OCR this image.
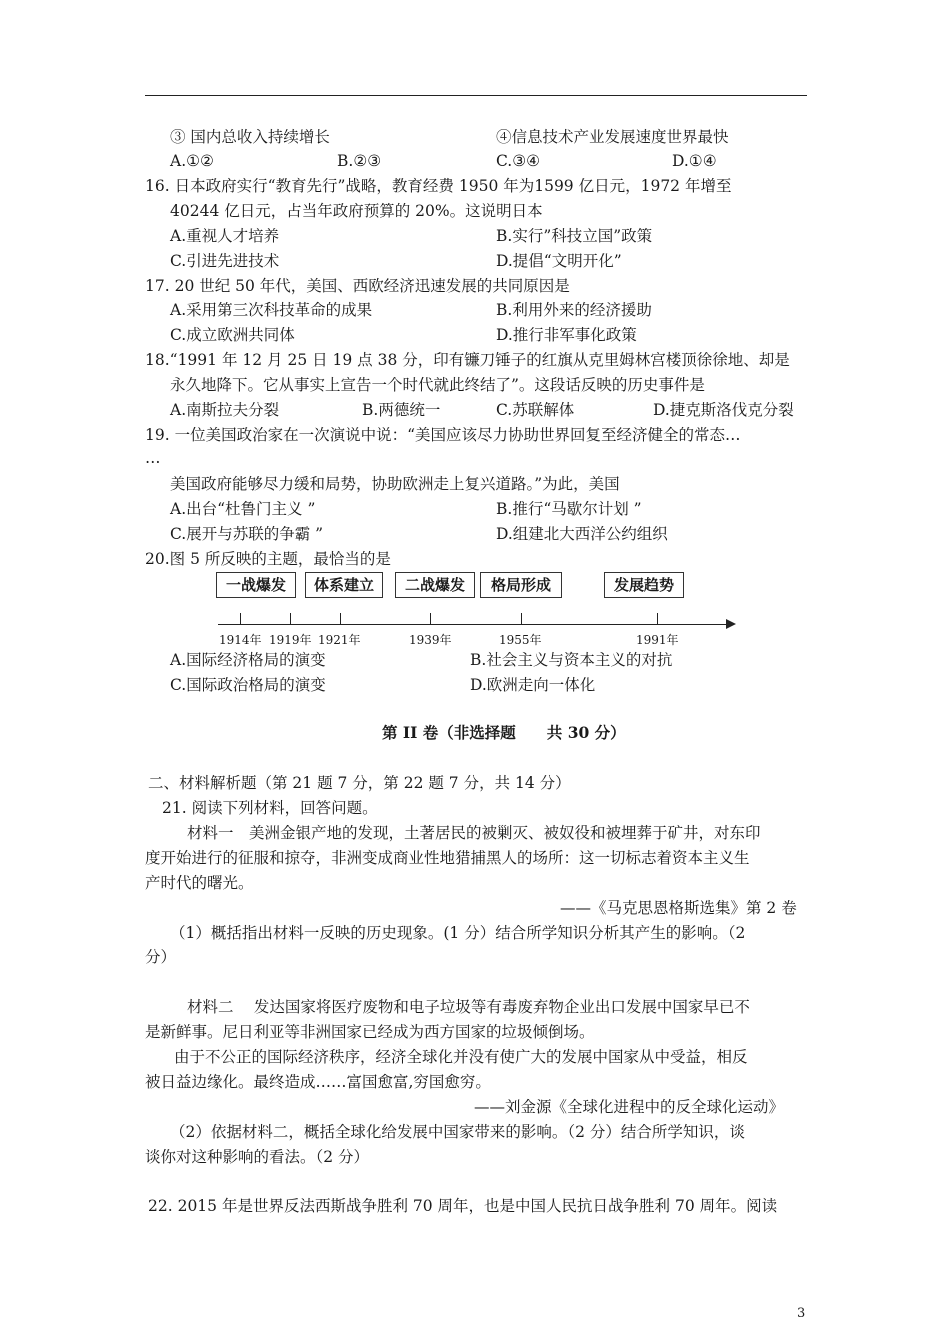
③ 国内总收入持续增长	④信息技术产业发展速度世界最快
A.①②	B.②③	C.③④	D.①④
16. 日本政府实行“教育先行”战略，教育经费 1950 年为1599 亿日元，1972 年增至
40244 亿日元，占当年政府预算的 20%。这说明日本
A.重视人才培养	B.实行”科技立国”政策
C.引进先进技术	D.提倡“文明开化”
17. 20 世纪 50 年代，美国、西欧经济迅速发展的共同原因是
A.采用第三次科技革命的成果	B.利用外来的经济援助
C.成立欧洲共同体	D.推行非军事化政策
18.“1991 年 12 月 25 日 19 点 38 分，印有镰刀锤子的红旗从克里姆林宫楼顶徐徐地、却是
永久地降下。它从事实上宣告一个时代就此终结了”。这段话反映的历史事件是
A.南斯拉夫分裂	B.两德统一	C.苏联解体	D.捷克斯洛伐克分裂
19. 一位美国政治家在一次演说中说：“美国应该尽力协助世界回复至经济健全的常态…
…
美国政府能够尽力缓和局势，协助欧洲走上复兴道路。”为此，美国
A.出台“杜鲁门主义 ”	B.推行“马歇尔计划 ”
C.展开与苏联的争霸 ”	D.组建北大西洋公约组织
20.图 5 所反映的主题，最恰当的是
一战爆发	体系建立	二战爆发	格局形成	发展趋势
1914年 1919年 1921年	1939年	1955年	1991年
A.国际经济格局的演变	B.社会主义与资本主义的对抗
C.国际政治格局的演变	D.欧洲走向一体化
第 II 卷（非选择题　　共 30 分）
二、材料解析题（第 21 题 7 分，第 22 题 7 分，共 14 分）
21. 阅读下列材料，回答问题。
材料一　美洲金银产地的发现，土著居民的被剿灭、被奴役和被埋葬于矿井，对东印
度开始进行的征服和掠夺，非洲变成商业性地猎捕黑人的场所：这一切标志着资本主义生
产时代的曙光。
——《马克思恩格斯选集》第 2 卷
（1）概括指出材料一反映的历史现象。(1 分）结合所学知识分析其产生的影响。（2
分）
材料二　 发达国家将医疗废物和电子垃圾等有毒废弃物企业出口发展中国家早已不
是新鲜事。尼日利亚等非洲国家已经成为西方国家的垃圾倾倒场。
由于不公正的国际经济秩序，经济全球化并没有使广大的发展中国家从中受益，相反
被日益边缘化。最终造成……富国愈富,穷国愈穷。
——刘金源《全球化进程中的反全球化运动》
（2）依据材料二，概括全球化给发展中国家带来的影响。（2 分）结合所学知识，谈
谈你对这种影响的看法。（2 分）
22. 2015 年是世界反法西斯战争胜利 70 周年，也是中国人民抗日战争胜利 70 周年。阅读
3
